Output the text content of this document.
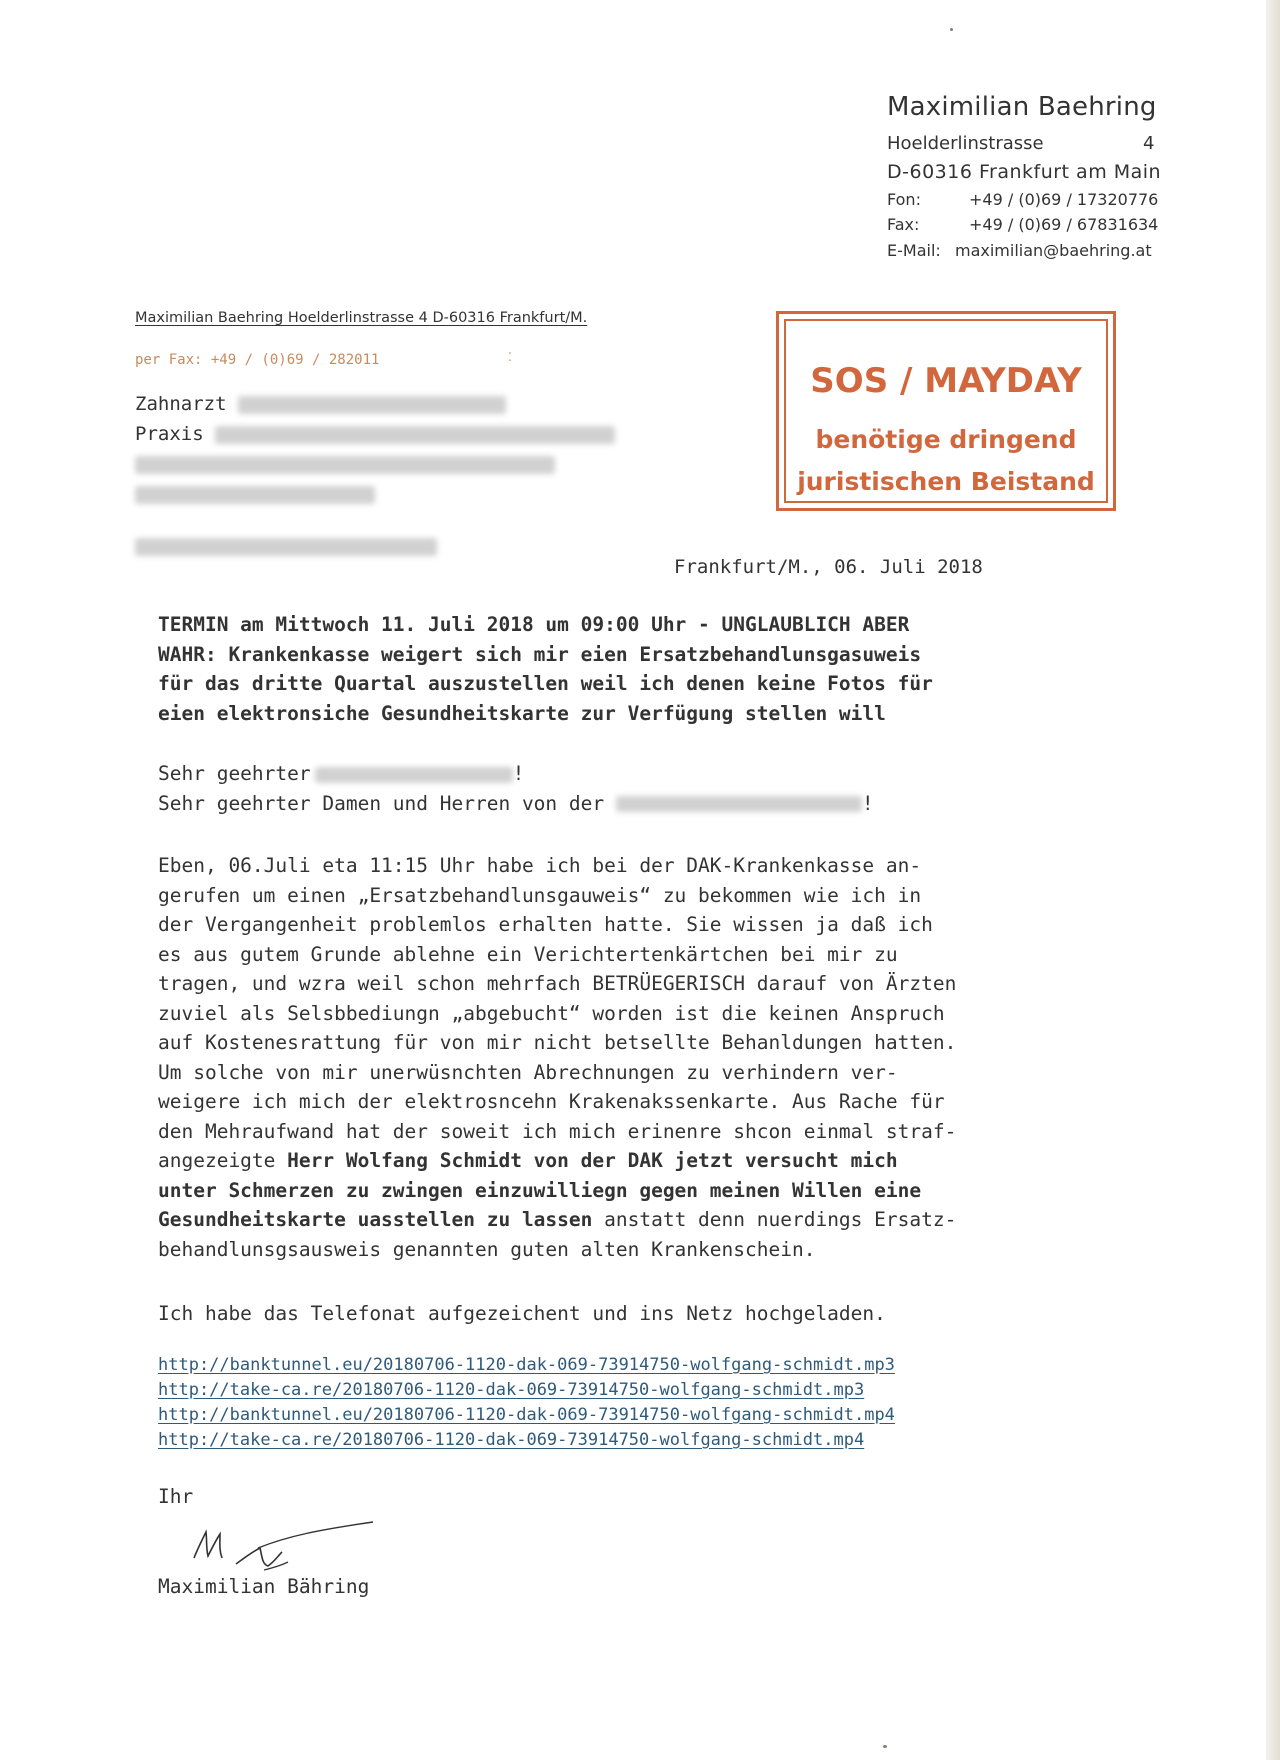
Maximilian Baehring
Hoelderlinstrasse	4
D-60316 Frankfurt am Main
Fon:	+49 / (0)69 / 17320776
Fax:	+49 / (0)69 / 67831634
E-Mail: maximilian@baehring.at
Maximilian Baehring Hoelderlinstrasse 4 D-60316 Frankfurt/M.
per Fax: +49 / (0)69 / 282011	⁚
Zahnarzt
Praxis
SOS / MAYDAY
benötige dringend
juristischen Beistand
Frankfurt/M., 06. Juli 2018
TERMIN am Mittwoch 11. Juli 2018 um 09:00 Uhr - UNGLAUBLICH ABER
WAHR: Krankenkasse weigert sich mir eien Ersatzbehandlunsgasuweis
für das dritte Quartal auszustellen weil ich denen keine Fotos für
eien elektronsiche Gesundheitskarte zur Verfügung stellen will
Sehr geehrter	!
Sehr geehrter Damen und Herren von der	!
Eben, 06.Juli eta 11:15 Uhr habe ich bei der DAK-Krankenkasse an-
gerufen um einen „Ersatzbehandlunsgauweis“ zu bekommen wie ich in
der Vergangenheit problemlos erhalten hatte. Sie wissen ja daß ich
es aus gutem Grunde ablehne ein Verichtertenkärtchen bei mir zu
tragen, und wzra weil schon mehrfach BETRÜEGERISCH darauf von Ärzten
zuviel als Selsbbediungn „abgebucht“ worden ist die keinen Anspruch
auf Kostenesrattung für von mir nicht betsellte Behanldungen hatten.
Um solche von mir unerwüsnchten Abrechnungen zu verhindern ver-
weigere ich mich der elektrosncehn Krakenakssenkarte. Aus Rache für
den Mehraufwand hat der soweit ich mich erinenre shcon einmal straf-
angezeigte Herr Wolfang Schmidt von der DAK jetzt versucht mich
unter Schmerzen zu zwingen einzuwilliegn gegen meinen Willen eine
Gesundheitskarte uasstellen zu lassen anstatt denn nuerdings Ersatz-
behandlunsgsausweis genannten guten alten Krankenschein.
Ich habe das Telefonat aufgezeichent und ins Netz hochgeladen.
http://banktunnel.eu/20180706-1120-dak-069-73914750-wolfgang-schmidt.mp3
http://take-ca.re/20180706-1120-dak-069-73914750-wolfgang-schmidt.mp3
http://banktunnel.eu/20180706-1120-dak-069-73914750-wolfgang-schmidt.mp4
http://take-ca.re/20180706-1120-dak-069-73914750-wolfgang-schmidt.mp4
Ihr
Maximilian Bähring
